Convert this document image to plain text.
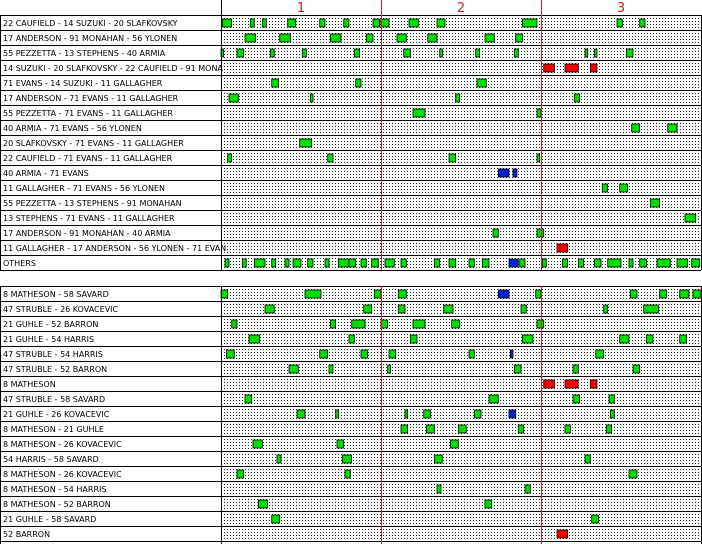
1	2	3
22 CAUFIELD - 14 SUZUKI - 20 SLAFKOVSKY
17 ANDERSON - 91 MONAHAN - 56 YLONEN
55 PEZZETTA - 13 STEPHENS - 40 ARMIA
14 SUZUKI - 20 SLAFKOVSKY - 22 CAUFIELD - 91 MONA
71 EVANS - 14 SUZUKI - 11 GALLAGHER
17 ANDERSON - 71 EVANS - 11 GALLAGHER
55 PEZZETTA - 71 EVANS - 11 GALLAGHER
40 ARMIA - 71 EVANS - 56 YLONEN
20 SLAFKOVSKY - 71 EVANS - 11 GALLAGHER
22 CAUFIELD - 71 EVANS - 11 GALLAGHER
40 ARMIA - 71 EVANS
11 GALLAGHER - 71 EVANS - 56 YLONEN
55 PEZZETTA - 13 STEPHENS - 91 MONAHAN
13 STEPHENS - 71 EVANS - 11 GALLAGHER
17 ANDERSON - 91 MONAHAN - 40 ARMIA
11 GALLAGHER - 17 ANDERSON - 56 YLONEN - 71 EVAN
OTHERS
8 MATHESON - 58 SAVARD
47 STRUBLE - 26 KOVACEVIC
21 GUHLE - 52 BARRON
21 GUHLE - 54 HARRIS
47 STRUBLE - 54 HARRIS
47 STRUBLE - 52 BARRON
8 MATHESON
47 STRUBLE - 58 SAVARD
21 GUHLE - 26 KOVACEVIC
8 MATHESON - 21 GUHLE
8 MATHESON - 26 KOVACEVIC
54 HARRIS - 58 SAVARD
8 MATHESON - 26 KOVACEVIC
8 MATHESON - 54 HARRIS
8 MATHESON - 52 BARRON
21 GUHLE - 58 SAVARD
52 BARRON
